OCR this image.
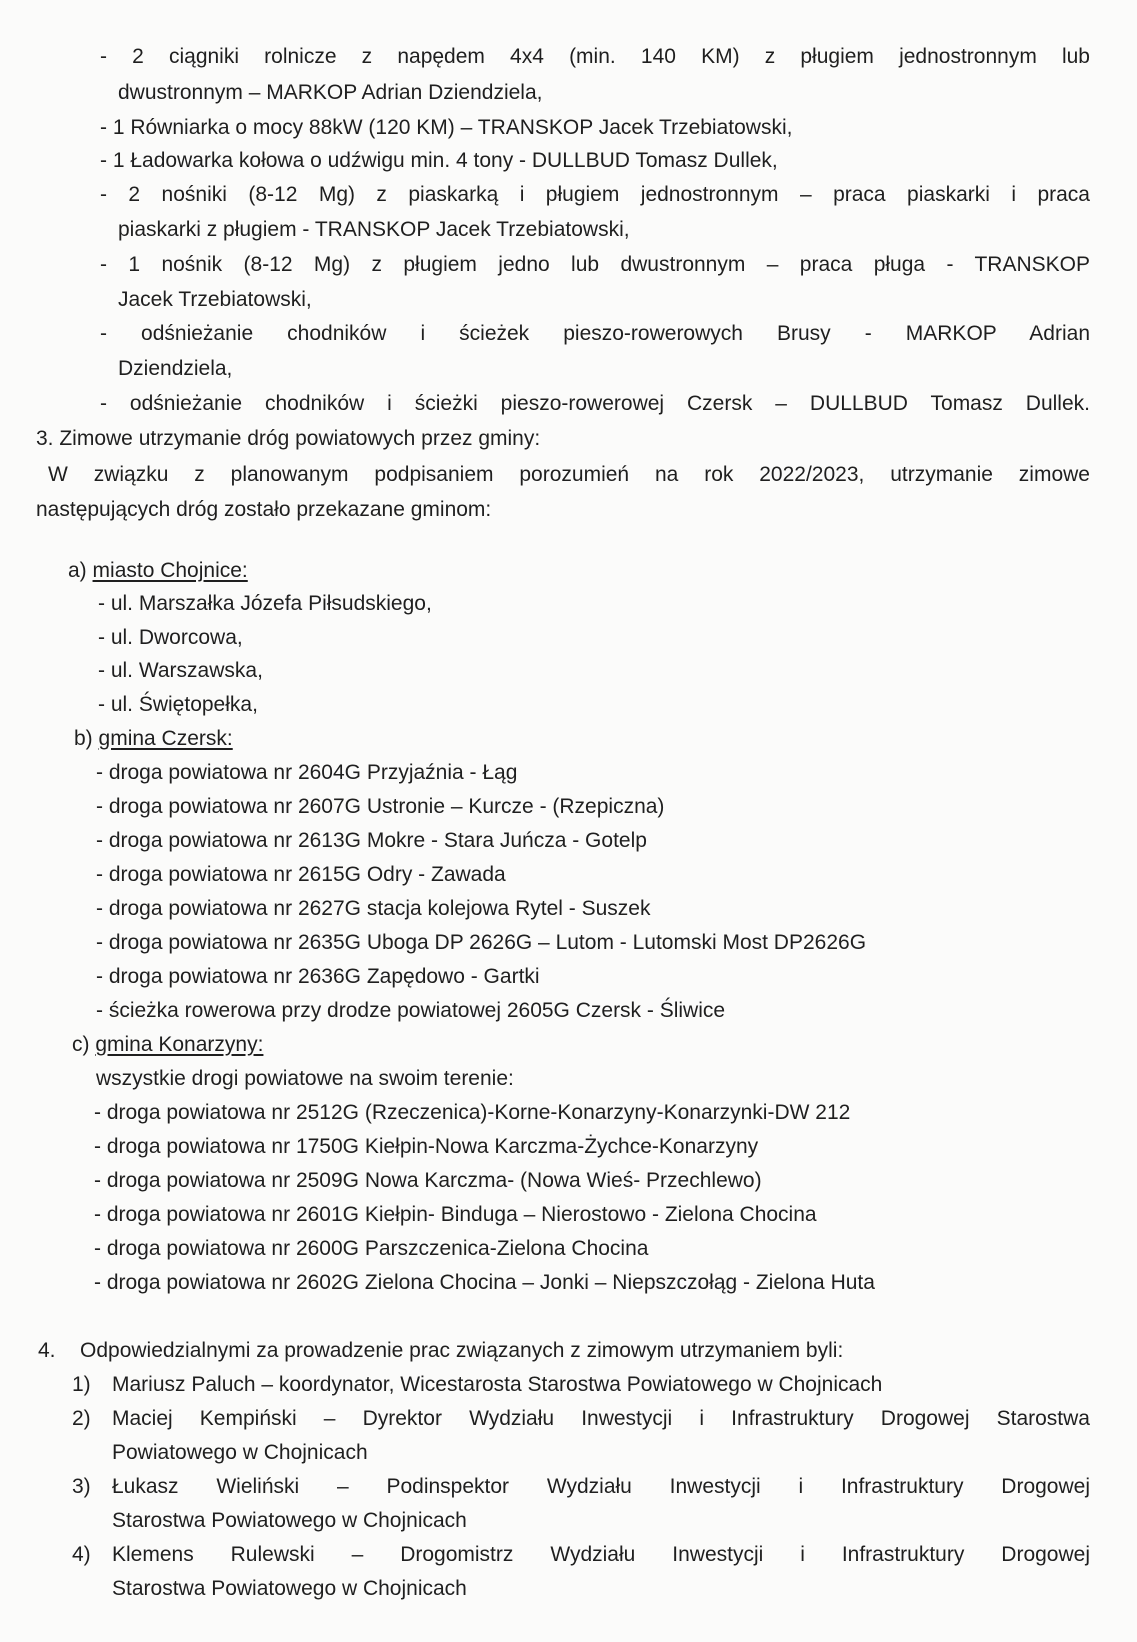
- 2 ciągniki rolnicze z napędem 4x4 (min. 140 KM) z pługiem jednostronnym lub
dwustronnym – MARKOP Adrian Dziendziela,
- 1 Równiarka o mocy 88kW (120 KM) – TRANSKOP Jacek Trzebiatowski,
- 1 Ładowarka kołowa o udźwigu min. 4 tony - DULLBUD Tomasz Dullek,
- 2 nośniki (8-12 Mg) z piaskarką i pługiem jednostronnym – praca piaskarki i praca
piaskarki z pługiem - TRANSKOP Jacek Trzebiatowski,
- 1 nośnik (8-12 Mg) z pługiem jedno lub dwustronnym – praca pługa - TRANSKOP
Jacek Trzebiatowski,
- odśnieżanie chodników i ścieżek pieszo-rowerowych Brusy - MARKOP Adrian
Dziendziela,
- odśnieżanie chodników i ścieżki pieszo-rowerowej Czersk – DULLBUD Tomasz Dullek.
3. Zimowe utrzymanie dróg powiatowych przez gminy:
W związku z planowanym podpisaniem porozumień na rok 2022/2023, utrzymanie zimowe
następujących dróg zostało przekazane gminom:
a) miasto Chojnice:
- ul. Marszałka Józefa Piłsudskiego,
- ul. Dworcowa,
- ul. Warszawska,
- ul. Świętopełka,
b) gmina Czersk:
- droga powiatowa nr 2604G Przyjaźnia - Łąg
- droga powiatowa nr 2607G Ustronie – Kurcze - (Rzepiczna)
- droga powiatowa nr 2613G Mokre - Stara Juńcza - Gotelp
- droga powiatowa nr 2615G Odry - Zawada
- droga powiatowa nr 2627G stacja kolejowa Rytel - Suszek
- droga powiatowa nr 2635G Uboga DP 2626G – Lutom - Lutomski Most DP2626G
- droga powiatowa nr 2636G Zapędowo - Gartki
- ścieżka rowerowa przy drodze powiatowej 2605G Czersk - Śliwice
c) gmina Konarzyny:
wszystkie drogi powiatowe na swoim terenie:
- droga powiatowa nr 2512G (Rzeczenica)-Korne-Konarzyny-Konarzynki-DW 212
- droga powiatowa nr 1750G Kiełpin-Nowa Karczma-Żychce-Konarzyny
- droga powiatowa nr 2509G Nowa Karczma- (Nowa Wieś- Przechlewo)
- droga powiatowa nr 2601G Kiełpin- Binduga – Nierostowo - Zielona Chocina
- droga powiatowa nr 2600G Parszczenica-Zielona Chocina
- droga powiatowa nr 2602G Zielona Chocina – Jonki – Niepszczołąg - Zielona Huta
4. Odpowiedzialnymi za prowadzenie prac związanych z zimowym utrzymaniem byli:
1) Mariusz Paluch – koordynator, Wicestarosta Starostwa Powiatowego w Chojnicach
2) Maciej Kempiński – Dyrektor Wydziału Inwestycji i Infrastruktury Drogowej Starostwa
Powiatowego w Chojnicach
3) Łukasz Wieliński – Podinspektor Wydziału Inwestycji i Infrastruktury Drogowej
Starostwa Powiatowego w Chojnicach
4) Klemens Rulewski – Drogomistrz Wydziału Inwestycji i Infrastruktury Drogowej
Starostwa Powiatowego w Chojnicach
